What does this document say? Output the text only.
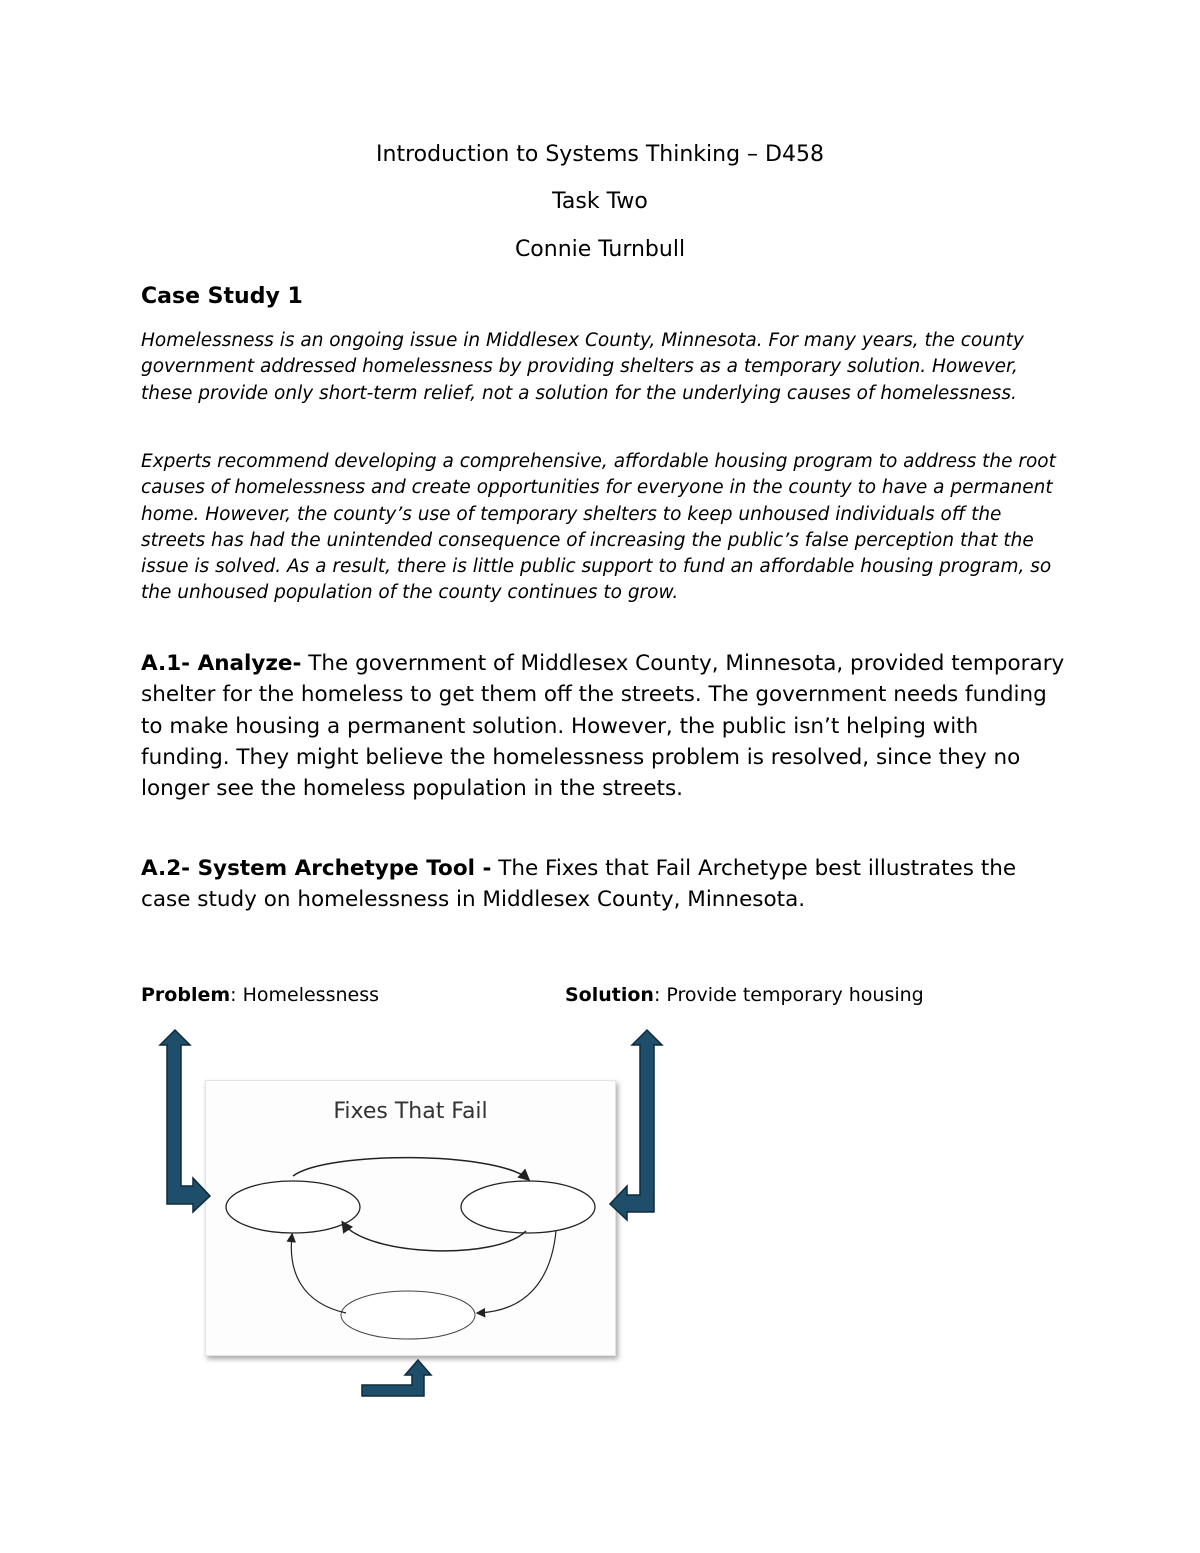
Introduction to Systems Thinking – D458
Task Two
Connie Turnbull
Case Study 1
Homelessness is an ongoing issue in Middlesex County, Minnesota. For many years, the county government addressed homelessness by providing shelters as a temporary solution. However, these provide only short-term relief, not a solution for the underlying causes of homelessness.
Experts recommend developing a comprehensive, affordable housing program to address the root causes of homelessness and create opportunities for everyone in the county to have a permanent home. However, the county’s use of temporary shelters to keep unhoused individuals off the streets has had the unintended consequence of increasing the public’s false perception that the issue is solved. As a result, there is little public support to fund an affordable housing program, so the unhoused population of the county continues to grow.
A.1- Analyze- The government of Middlesex County, Minnesota, provided temporary shelter for the homeless to get them off the streets. The government needs funding to make housing a permanent solution. However, the public isn’t helping with funding. They might believe the homelessness problem is resolved, since they no longer see the homeless population in the streets.
A.2- System Archetype Tool - The Fixes that Fail Archetype best illustrates the case study on homelessness in Middlesex County, Minnesota.
Problem: Homelessness	Solution: Provide temporary housing
Fixes That Fail
